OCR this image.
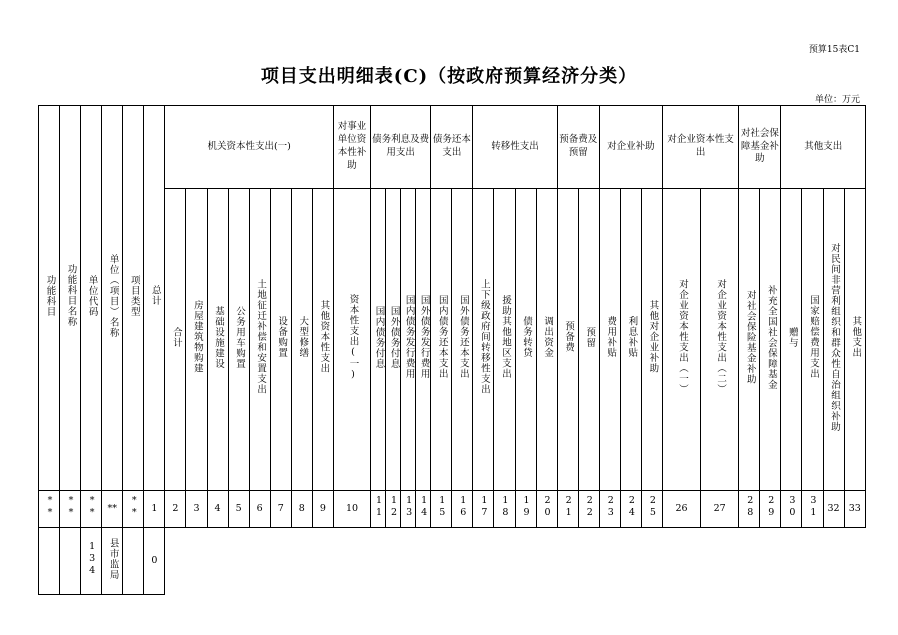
预算15表C1
项目支出明细表(C)（按政府预算经济分类）
单位：万元
功能科目	功能科目名称	单位代码	单位（项目）名称	项目类型	总计	机关资本性支出(一)								对事业单位资本性补助	债务利息及费用支出				债务还本支出		转移性支出				预备费及预留		对企业补助			对企业资本性支出		对社会保障基金补助		其他支出			
						合计	房屋建筑物购建	基础设施建设	公务用车购置	土地征迁补偿和安置支出	设备购置	大型修缮	其他资本性支出	资本性支出(一)	国内债务付息	国外债务付息	国内债务发行费用	国外债务发行费用	国内债务还本支出	国外债务还本支出	上下级政府间转移性支出	援助其他地区支出	债务转贷	调出资金	预备费	预留	费用补贴	利息补贴	其他对企业补助	对企业资本性支出（一）	对企业资本性支出（二）	对社会保险基金补助	补充全国社会保障基金	赠与	国家赔偿费用支出	对民间非营利组织和群众性自治组织补助	其他支出
**	**	**	**	**	1	2	3	4	5	6	7	8	9	10	11	12	13	14	15	16	17	18	19	20	21	22	23	24	25	26	27	28	29	30	31	32	33
		134	县市监局		0																																
